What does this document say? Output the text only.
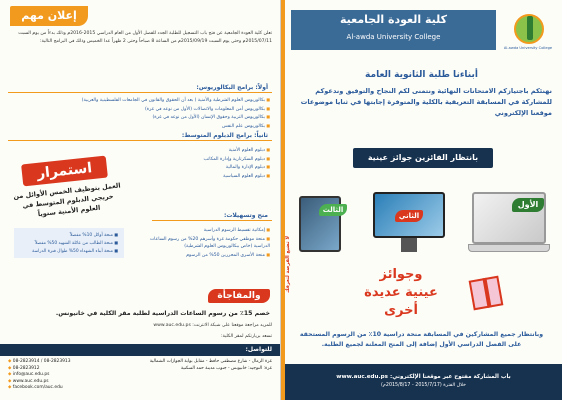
إعلان مهم
تعلن كلية العودة الجامعية عن فتح باب التسجيل للطلبة الجدد للفصل الأول من العام الدراسي 2015-2016م وذلك بدءاً من يوم السبت 2015/07/11م وحتى يوم السبت 2015/09/19م من الساعة 8 صباحاً وحتى 2 ظهراً عدا الخميس وذلك في البرامج التالية:
أولاً: برامج البكالوريوس:
■ بكالوريوس العلوم الشرطية والأمنية ( بعد أن الحقوق والقانون في الجامعات الفلسطينية والعربية)
■ بكالوريوس أمن المعلومات والاتصالات (الأول من نوعه في غزة)
■ بكالوريوس التربية وحقوق الإنسان (الأول من نوعه في غزة)
■ بكالوريوس علم النفس
ثانياً: برامج الدبلوم المتوسط:
■ دبلوم العلوم الأمنية
■ دبلوم السكرتارية وإدارة المكاتب
■ دبلوم الإدارة والمالية
■ دبلوم العلوم السياسية
استمرار
العمل بتوظيف الخمس الأوائل من خريجي الدبلوم المتوسط في العلوم الأمنية سنوياً	منح وتسهيلات:
■ إمكانية تقسيط الرسوم الدراسية
■ منحة موظفي حكومة غزة وأسرهم 20% من رسوم الساعات الدراسية (خاص ببكالوريوس العلوم الشرطية)
■ منحة الأسرى المحررين 50% من الرسوم
■ منحة أوائل 10% مفصلاً
■ منحة الطالب من عائلة الشهيد 50% مفصلاً
■ منحة أبناء الشهداء 50% طوال فترة الدراسة
والمفاجأة
خصم 15٪ من رسوم الساعات الدراسية لطلبة مقر الكلية في خانيونس.
للمزيد مراجعة موقعنا على شبكة الانترنت: www.auc.edu.ps
تسعد بزيارتكم لمقر الكلية:
للتواصل:
غزة الرمال - شارع مصطفى حافظ - مقابل بوابة الجوازات الشمالية
غزة: التوجيه: خانيونس - جنوب مدينة حمد السكنية
◆ 08-2823914 / 08-2823913
◆ 08-2823912
◆ info@auc.edu.ps
◆ www.auc.edu.ps
◆ facebook.com/auc.edu
Al-awda University College
كلية العودة الجامعية
Al-awda University College
أبناءنا طلبة الثانوية العامة
نهنئكم باجتيازكم الامتحانات النهائية ونتمنى لكم النجاح والتوفيق وندعوكم للمشاركة في المسابقة التعريفية بالكلية والمتوفرة إجابتها في ثنايا موضوعات موقعنا الإلكتروني
بانتظار الفائزين جوائز عينية
الثالث
الثاني
الأول
لا تضيع الفرصة لتعرفك	وجوائز عينية عديدة أخرى
وبانتظار جميع المشاركين في المسابقة منحة دراسية 10٪ من الرسوم المستحقة على الفصل الدراسي الأول إضافة إلى المنح المعلنة لجميع الطلبة.
باب المشاركة مفتوح عبر موقعنا الإلكتروني: www.auc.edu.ps
خلال الفترة (2015/7/17 - 2015/8/17م)
